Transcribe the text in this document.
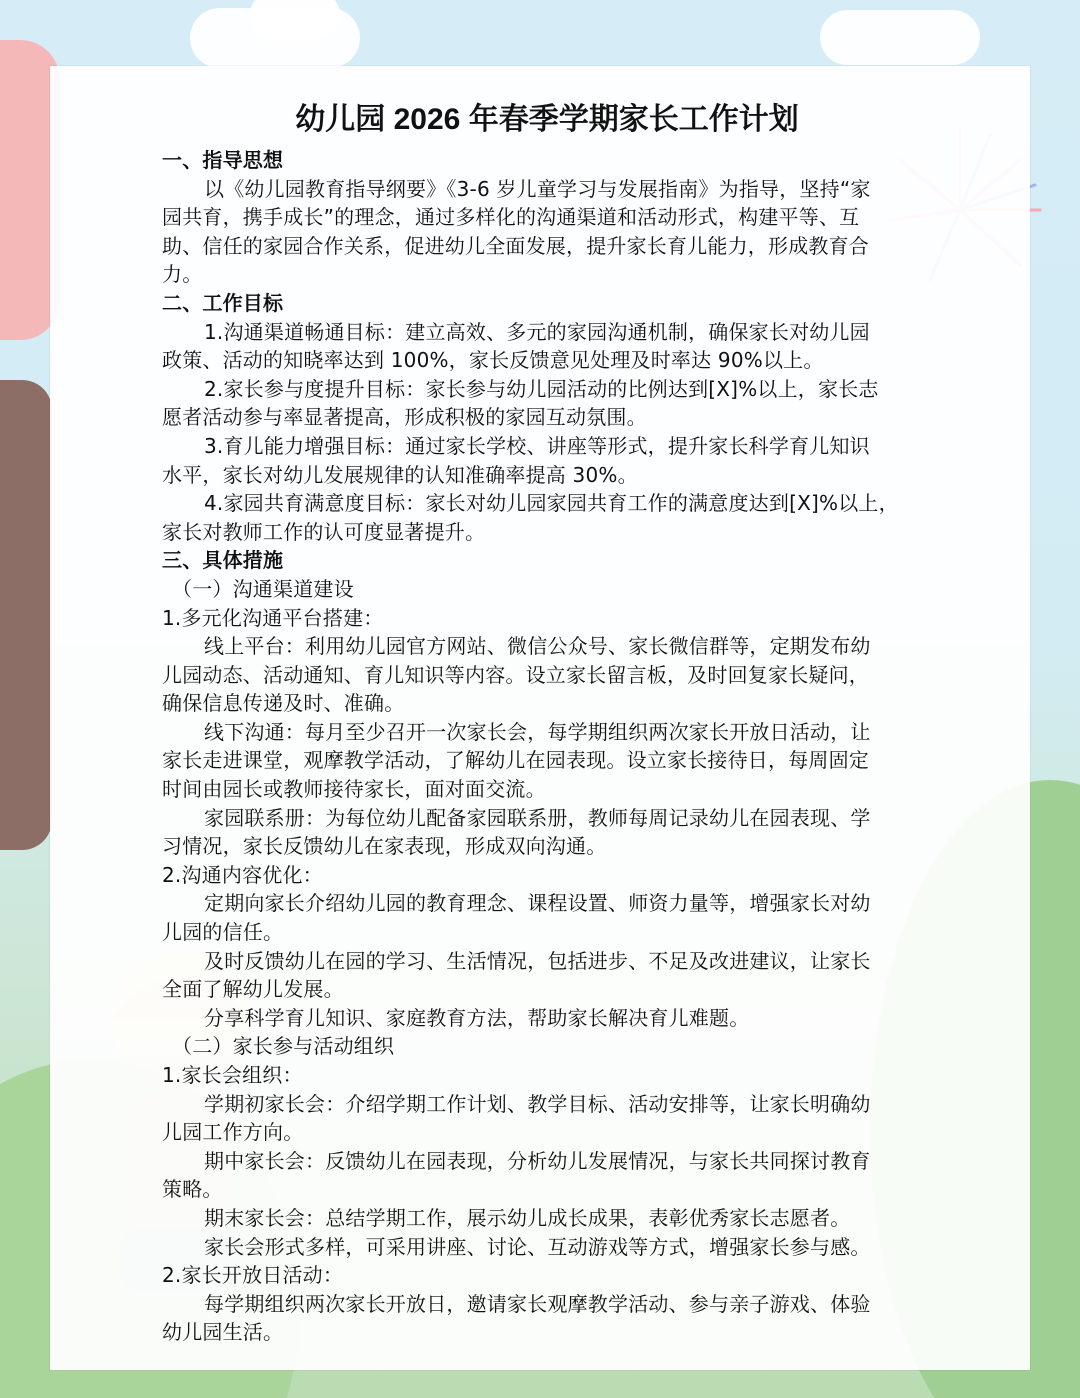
幼儿园 2026 年春季学期家长工作计划
一、指导思想
以《幼儿园教育指导纲要》《3-6 岁儿童学习与发展指南》为指导，坚持“家
园共育，携手成长”的理念，通过多样化的沟通渠道和活动形式，构建平等、互
助、信任的家园合作关系，促进幼儿全面发展，提升家长育儿能力，形成教育合
力。
二、工作目标
1.沟通渠道畅通目标：建立高效、多元的家园沟通机制，确保家长对幼儿园
政策、活动的知晓率达到 100%，家长反馈意见处理及时率达 90%以上。
2.家长参与度提升目标：家长参与幼儿园活动的比例达到[X]%以上，家长志
愿者活动参与率显著提高，形成积极的家园互动氛围。
3.育儿能力增强目标：通过家长学校、讲座等形式，提升家长科学育儿知识
水平，家长对幼儿发展规律的认知准确率提高 30%。
4.家园共育满意度目标：家长对幼儿园家园共育工作的满意度达到[X]%以上，
家长对教师工作的认可度显著提升。
三、具体措施
（一）沟通渠道建设
1.多元化沟通平台搭建：
线上平台：利用幼儿园官方网站、微信公众号、家长微信群等，定期发布幼
儿园动态、活动通知、育儿知识等内容。设立家长留言板，及时回复家长疑问，
确保信息传递及时、准确。
线下沟通：每月至少召开一次家长会，每学期组织两次家长开放日活动，让
家长走进课堂，观摩教学活动，了解幼儿在园表现。设立家长接待日，每周固定
时间由园长或教师接待家长，面对面交流。
家园联系册：为每位幼儿配备家园联系册，教师每周记录幼儿在园表现、学
习情况，家长反馈幼儿在家表现，形成双向沟通。
2.沟通内容优化：
定期向家长介绍幼儿园的教育理念、课程设置、师资力量等，增强家长对幼
儿园的信任。
及时反馈幼儿在园的学习、生活情况，包括进步、不足及改进建议，让家长
全面了解幼儿发展。
分享科学育儿知识、家庭教育方法，帮助家长解决育儿难题。
（二）家长参与活动组织
1.家长会组织：
学期初家长会：介绍学期工作计划、教学目标、活动安排等，让家长明确幼
儿园工作方向。
期中家长会：反馈幼儿在园表现，分析幼儿发展情况，与家长共同探讨教育
策略。
期末家长会：总结学期工作，展示幼儿成长成果，表彰优秀家长志愿者。
家长会形式多样，可采用讲座、讨论、互动游戏等方式，增强家长参与感。
2.家长开放日活动：
每学期组织两次家长开放日，邀请家长观摩教学活动、参与亲子游戏、体验
幼儿园生活。
